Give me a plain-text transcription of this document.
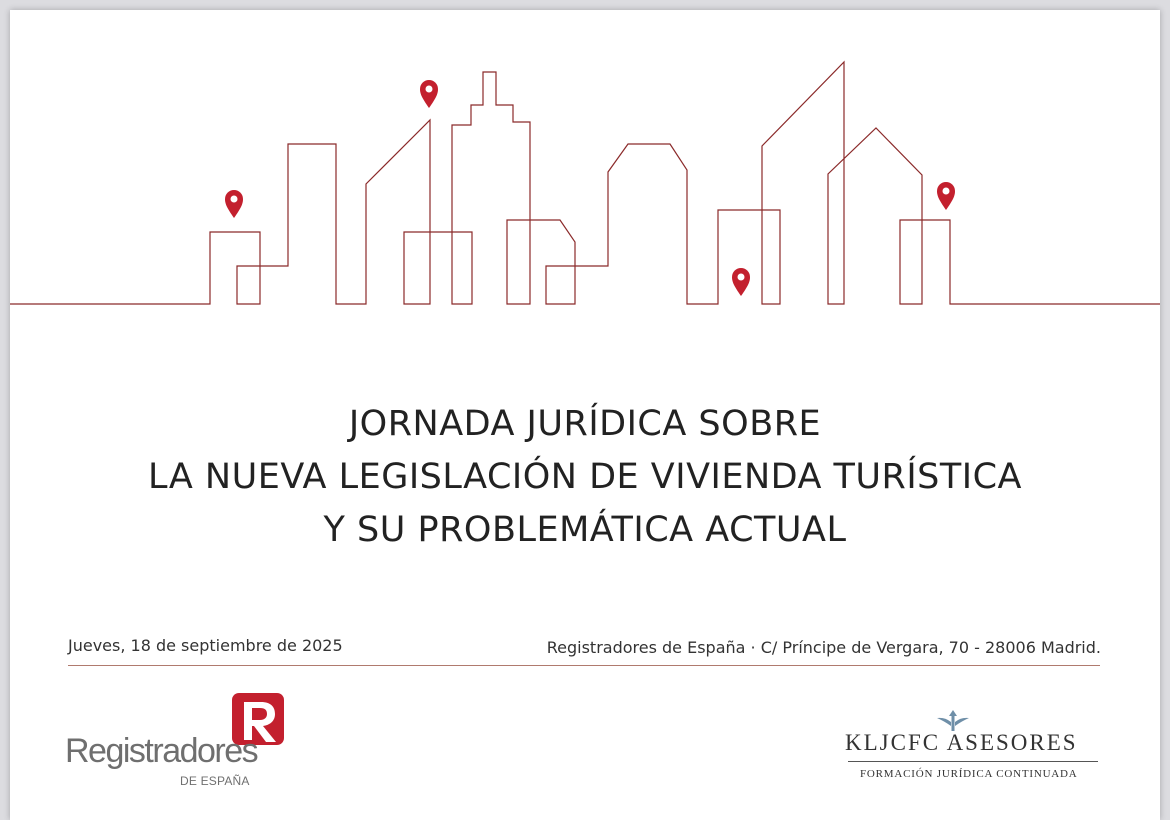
JORNADA JURÍDICA SOBRE
LA NUEVA LEGISLACIÓN DE VIVIENDA TURÍSTICA
Y SU PROBLEMÁTICA ACTUAL
Jueves, 18 de septiembre de 2025	Registradores de España · C/ Príncipe de Vergara, 70 - 28006 Madrid.
Registradores
DE ESPAÑA
KLJCFC ASESORES
FORMACIÓN JURÍDICA CONTINUADA
